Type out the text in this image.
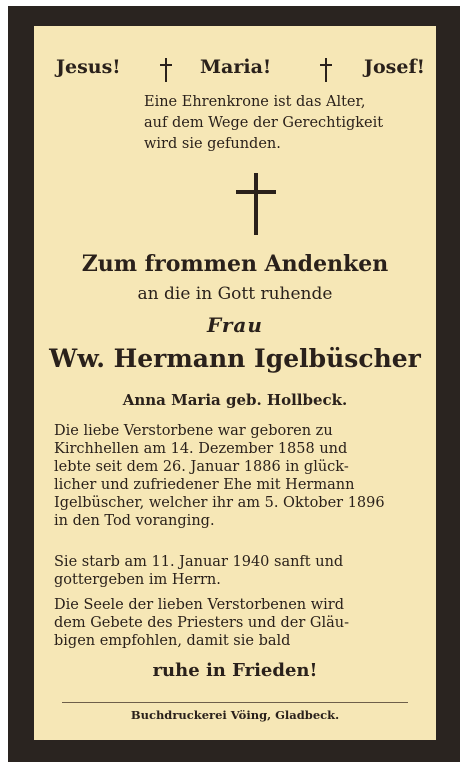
Jesus!	Maria!	Josef!
Eine Ehrenkrone ist das Alter,
auf dem Wege der Gerechtigkeit
wird sie gefunden.
Zum frommen Andenken
an die in Gott ruhende
Frau
Ww. Hermann Igelbüscher
Anna Maria geb. Hollbeck.
Die liebe Verstorbene war geboren zu
Kirchhellen am 14. Dezember 1858 und
lebte seit dem 26. Januar 1886 in glück-
licher und zufriedener Ehe mit Hermann
Igelbüscher, welcher ihr am 5. Oktober 1896
in den Tod voranging.
Sie starb am 11. Januar 1940 sanft und
gottergeben im Herrn.
Die Seele der lieben Verstorbenen wird
dem Gebete des Priesters und der Gläu-
bigen empfohlen, damit sie bald
ruhe in Frieden!
Buchdruckerei Vöing, Gladbeck.
